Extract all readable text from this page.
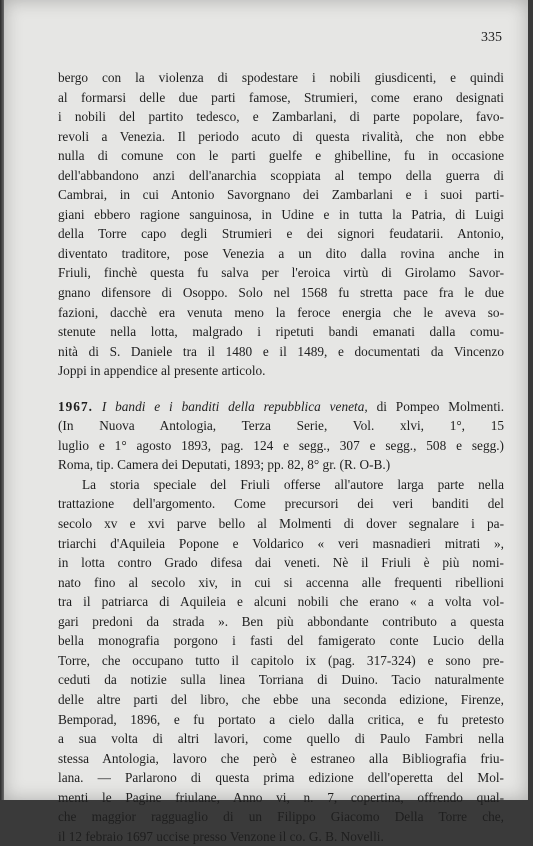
335
bergo con la violenza di spodestare i nobili giusdicenti, e quindi
al formarsi delle due parti famose, Strumieri, come erano designati
i nobili del partito tedesco, e Zambarlani, di parte popolare, favo-
revoli a Venezia. Il periodo acuto di questa rivalità, che non ebbe
nulla di comune con le parti guelfe e ghibelline, fu in occasione
dell'abbandono anzi dell'anarchia scoppiata al tempo della guerra di
Cambrai, in cui Antonio Savorgnano dei Zambarlani e i suoi parti-
giani ebbero ragione sanguinosa, in Udine e in tutta la Patria, di Luigi
della Torre capo degli Strumieri e dei signori feudatarii. Antonio,
diventato traditore, pose Venezia a un dito dalla rovina anche in
Friuli, finchè questa fu salva per l'eroica virtù di Girolamo Savor-
gnano difensore di Osoppo. Solo nel 1568 fu stretta pace fra le due
fazioni, dacchè era venuta meno la feroce energia che le aveva so-
stenute nella lotta, malgrado i ripetuti bandi emanati dalla comu-
nità di S. Daniele tra il 1480 e il 1489, e documentati da Vincenzo
Joppi in appendice al presente articolo.
1967. I bandi e i banditi della repubblica veneta, di Pompeo Molmenti.
(In Nuova Antologia, Terza Serie, Vol. xlvi, 1°, 15
luglio e 1° agosto 1893, pag. 124 e segg., 307 e segg., 508 e segg.)
Roma, tip. Camera dei Deputati, 1893; pp. 82, 8° gr. (R. O-B.)
La storia speciale del Friuli offerse all'autore larga parte nella
trattazione dell'argomento. Come precursori dei veri banditi del
secolo xv e xvi parve bello al Molmenti di dover segnalare i pa-
triarchi d'Aquileia Popone e Voldarico « veri masnadieri mitrati »,
in lotta contro Grado difesa dai veneti. Nè il Friuli è più nomi-
nato fino al secolo xiv, in cui si accenna alle frequenti ribellioni
tra il patriarca di Aquileia e alcuni nobili che erano « a volta vol-
gari predoni da strada ». Ben più abbondante contributo a questa
bella monografia porgono i fasti del famigerato conte Lucio della
Torre, che occupano tutto il capitolo ix (pag. 317-324) e sono pre-
ceduti da notizie sulla linea Torriana di Duino. Tacio naturalmente
delle altre parti del libro, che ebbe una seconda edizione, Firenze,
Bemporad, 1896, e fu portato a cielo dalla critica, e fu pretesto
a sua volta di altri lavori, come quello di Paulo Fambri nella
stessa Antologia, lavoro che però è estraneo alla Bibliografia friu-
lana. — Parlarono di questa prima edizione dell'operetta del Mol-
menti le Pagine friulane, Anno vi, n. 7, copertina, offrendo qual-
che maggior ragguaglio di un Filippo Giacomo Della Torre che,
il 12 febraio 1697 uccise presso Venzone il co. G. B. Novelli.
